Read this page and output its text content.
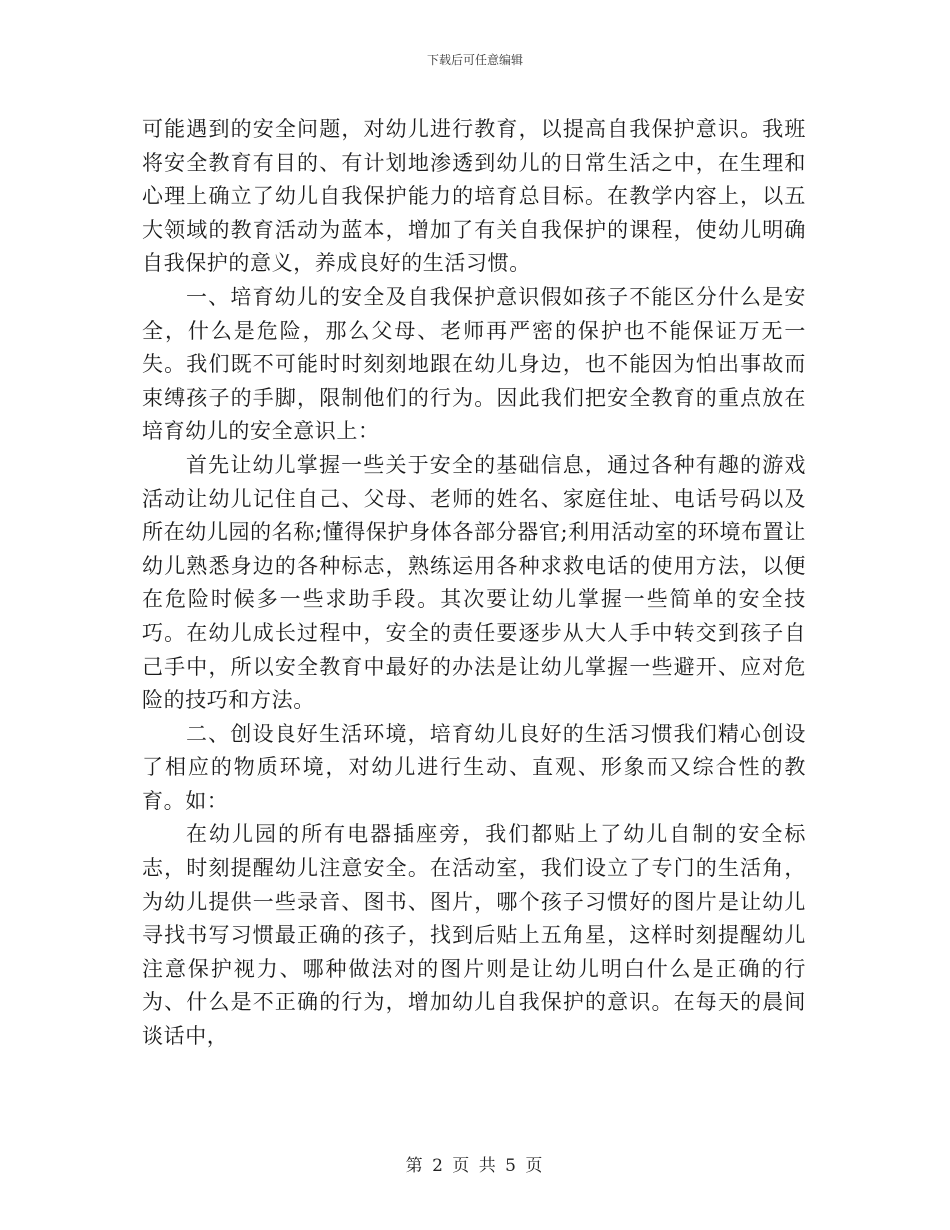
下载后可任意编辑

可能遇到的安全问题，对幼儿进行教育，以提高自我保护意识。我班将安全教育有目的、有计划地渗透到幼儿的日常生活之中，在生理和心理上确立了幼儿自我保护能力的培育总目标。在教学内容上，以五大领域的教育活动为蓝本，增加了有关自我保护的课程，使幼儿明确自我保护的意义，养成良好的生活习惯。

一、培育幼儿的安全及自我保护意识假如孩子不能区分什么是安全，什么是危险，那么父母、老师再严密的保护也不能保证万无一失。我们既不可能时时刻刻地跟在幼儿身边，也不能因为怕出事故而束缚孩子的手脚，限制他们的行为。因此我们把安全教育的重点放在培育幼儿的安全意识上：

首先让幼儿掌握一些关于安全的基础信息，通过各种有趣的游戏活动让幼儿记住自己、父母、老师的姓名、家庭住址、电话号码以及所在幼儿园的名称;懂得保护身体各部分器官;利用活动室的环境布置让幼儿熟悉身边的各种标志，熟练运用各种求救电话的使用方法，以便在危险时候多一些求助手段。其次要让幼儿掌握一些简单的安全技巧。在幼儿成长过程中，安全的责任要逐步从大人手中转交到孩子自己手中，所以安全教育中最好的办法是让幼儿掌握一些避开、应对危险的技巧和方法。

二、创设良好生活环境，培育幼儿良好的生活习惯我们精心创设了相应的物质环境，对幼儿进行生动、直观、形象而又综合性的教育。如：

在幼儿园的所有电器插座旁，我们都贴上了幼儿自制的安全标志，时刻提醒幼儿注意安全。在活动室，我们设立了专门的生活角，为幼儿提供一些录音、图书、图片，哪个孩子习惯好的图片是让幼儿寻找书写习惯最正确的孩子，找到后贴上五角星，这样时刻提醒幼儿注意保护视力、哪种做法对的图片则是让幼儿明白什么是正确的行为、什么是不正确的行为，增加幼儿自我保护的意识。在每天的晨间谈话中，

第 2 页 共 5 页
